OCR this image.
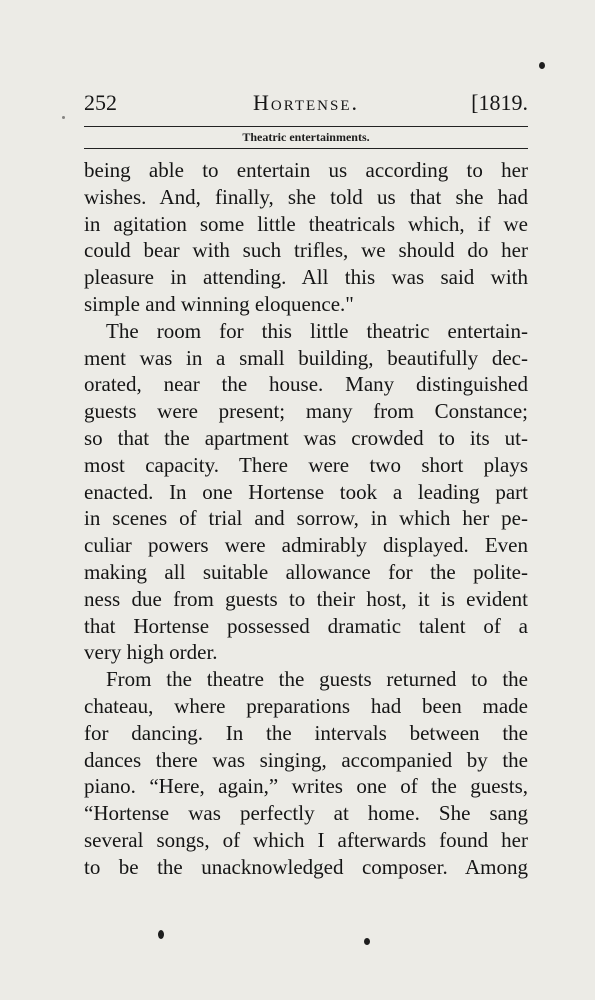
252	Hortense.	[1819.
Theatric entertainments.
being able to entertain us according to her
wishes. And, finally, she told us that she had
in agitation some little theatricals which, if we
could bear with such trifles, we should do her
pleasure in attending. All this was said with
simple and winning eloquence."
The room for this little theatric entertain-
ment was in a small building, beautifully dec-
orated, near the house. Many distinguished
guests were present; many from Constance;
so that the apartment was crowded to its ut-
most capacity. There were two short plays
enacted. In one Hortense took a leading part
in scenes of trial and sorrow, in which her pe-
culiar powers were admirably displayed. Even
making all suitable allowance for the polite-
ness due from guests to their host, it is evident
that Hortense possessed dramatic talent of a
very high order.
From the theatre the guests returned to the
chateau, where preparations had been made
for dancing. In the intervals between the
dances there was singing, accompanied by the
piano. “Here, again,” writes one of the guests,
“Hortense was perfectly at home. She sang
several songs, of which I afterwards found her
to be the unacknowledged composer. Among
